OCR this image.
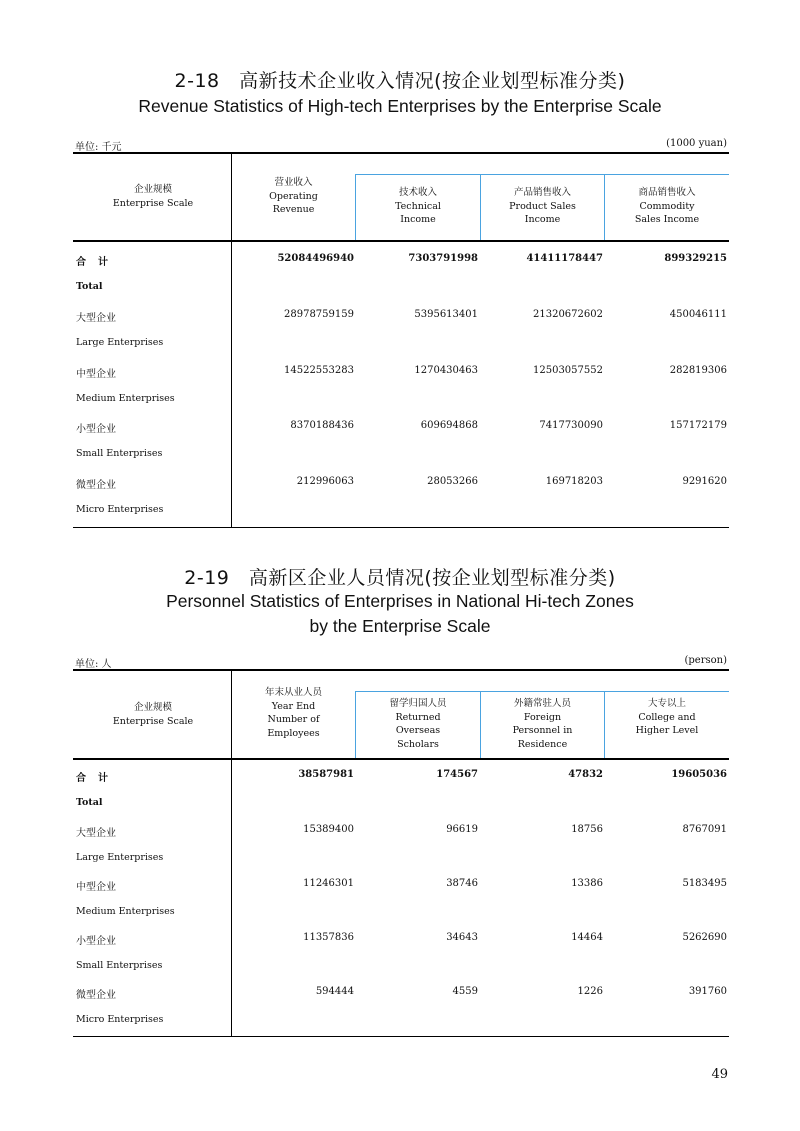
2-18　高新技术企业收入情况(按企业划型标准分类)
Revenue Statistics of High-tech Enterprises by the Enterprise Scale
单位: 千元	(1000 yuan)
企业规模
Enterprise Scale
营业收入
Operating
Revenue
技术收入
Technical
Income
产品销售收入
Product Sales
Income
商品销售收入
Commodity
Sales Income
合计
Total
52084496940	7303791998	41411178447	899329215
大型企业
Large Enterprises
28978759159	5395613401	21320672602	450046111
中型企业
Medium Enterprises
14522553283	1270430463	12503057552	282819306
小型企业
Small Enterprises
8370188436	609694868	7417730090	157172179
微型企业
Micro Enterprises
212996063	28053266	169718203	9291620
2-19　高新区企业人员情况(按企业划型标准分类)
Personnel Statistics of Enterprises in National Hi-tech Zones
by the Enterprise Scale
单位: 人	(person)
企业规模
Enterprise Scale
年末从业人员
Year End
Number of
Employees
留学归国人员
Returned
Overseas
Scholars
外籍常驻人员
Foreign
Personnel in
Residence
大专以上
College and
Higher Level
合计
Total
38587981	174567	47832	19605036
大型企业
Large Enterprises
15389400	96619	18756	8767091
中型企业
Medium Enterprises
11246301	38746	13386	5183495
小型企业
Small Enterprises
11357836	34643	14464	5262690
微型企业
Micro Enterprises
594444	4559	1226	391760
49
